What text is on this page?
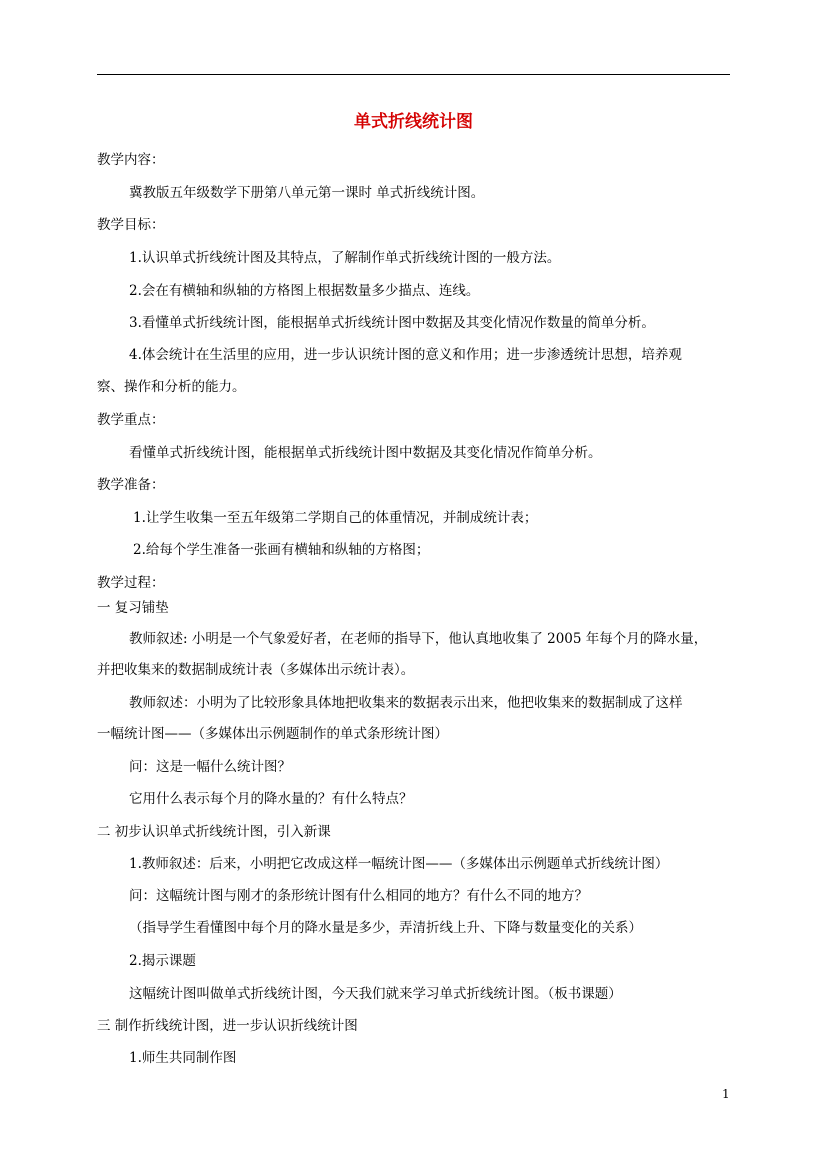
单式折线统计图
教学内容：
冀教版五年级数学下册第八单元第一课时 单式折线统计图。
教学目标：
1.认识单式折线统计图及其特点，了解制作单式折线统计图的一般方法。
2.会在有横轴和纵轴的方格图上根据数量多少描点、连线。
3.看懂单式折线统计图，能根据单式折线统计图中数据及其变化情况作数量的简单分析。
4.体会统计在生活里的应用，进一步认识统计图的意义和作用；进一步渗透统计思想，培养观
察、操作和分析的能力。
教学重点：
看懂单式折线统计图，能根据单式折线统计图中数据及其变化情况作简单分析。
教学准备：
1.让学生收集一至五年级第二学期自己的体重情况，并制成统计表；
2.给每个学生准备一张画有横轴和纵轴的方格图；
教学过程：
一 复习铺垫
教师叙述: 小明是一个气象爱好者，在老师的指导下，他认真地收集了 2005 年每个月的降水量，
并把收集来的数据制成统计表（多媒体出示统计表）。
教师叙述：小明为了比较形象具体地把收集来的数据表示出来，他把收集来的数据制成了这样
一幅统计图——（多媒体出示例题制作的单式条形统计图）
问：这是一幅什么统计图？
它用什么表示每个月的降水量的？有什么特点？
二 初步认识单式折线统计图，引入新课
1.教师叙述：后来，小明把它改成这样一幅统计图——（多媒体出示例题单式折线统计图）
问：这幅统计图与刚才的条形统计图有什么相同的地方？有什么不同的地方？
（指导学生看懂图中每个月的降水量是多少，弄清折线上升、下降与数量变化的关系）
2.揭示课题
这幅统计图叫做单式折线统计图，今天我们就来学习单式折线统计图。（板书课题）
三 制作折线统计图，进一步认识折线统计图
1.师生共同制作图
1
